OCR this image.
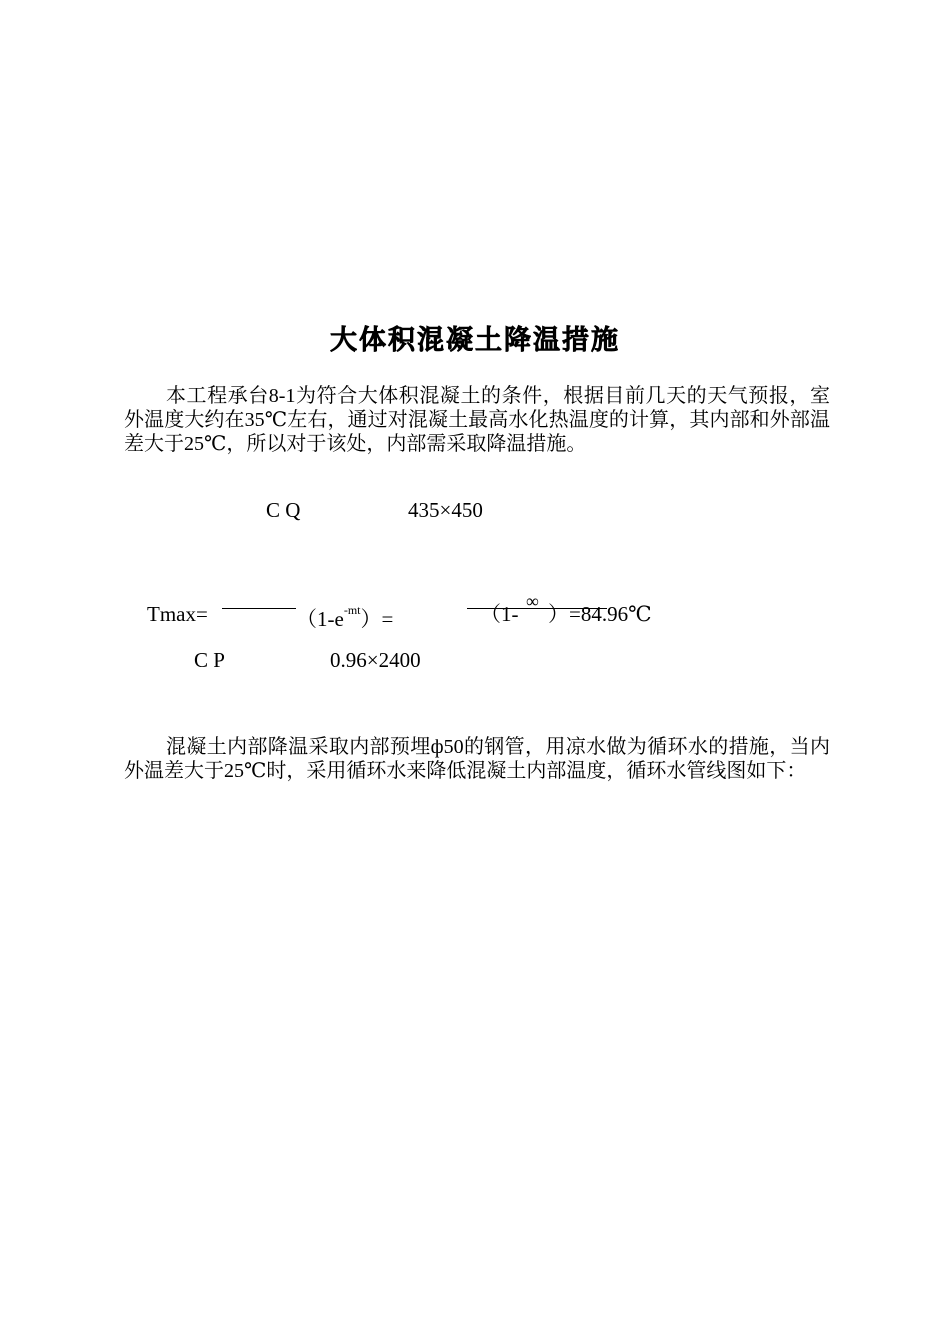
大体积混凝土降温措施
本工程承台8-1为符合大体积混凝土的条件，根据目前几天的天气预报，室外温度大约在35℃左右，通过对混凝土最高水化热温度的计算，其内部和外部温差大于25℃，所以对于该处，内部需采取降温措施。
C Q	435×450
Tmax=	$(1-e^{-mt})=$	（1-
∞
）=84.96℃
C P	0.96×2400
混凝土内部降温采取内部预埋ф50的钢管，用凉水做为循环水的措施，当内外温差大于25℃时，采用循环水来降低混凝土内部温度，循环水管线图如下：
